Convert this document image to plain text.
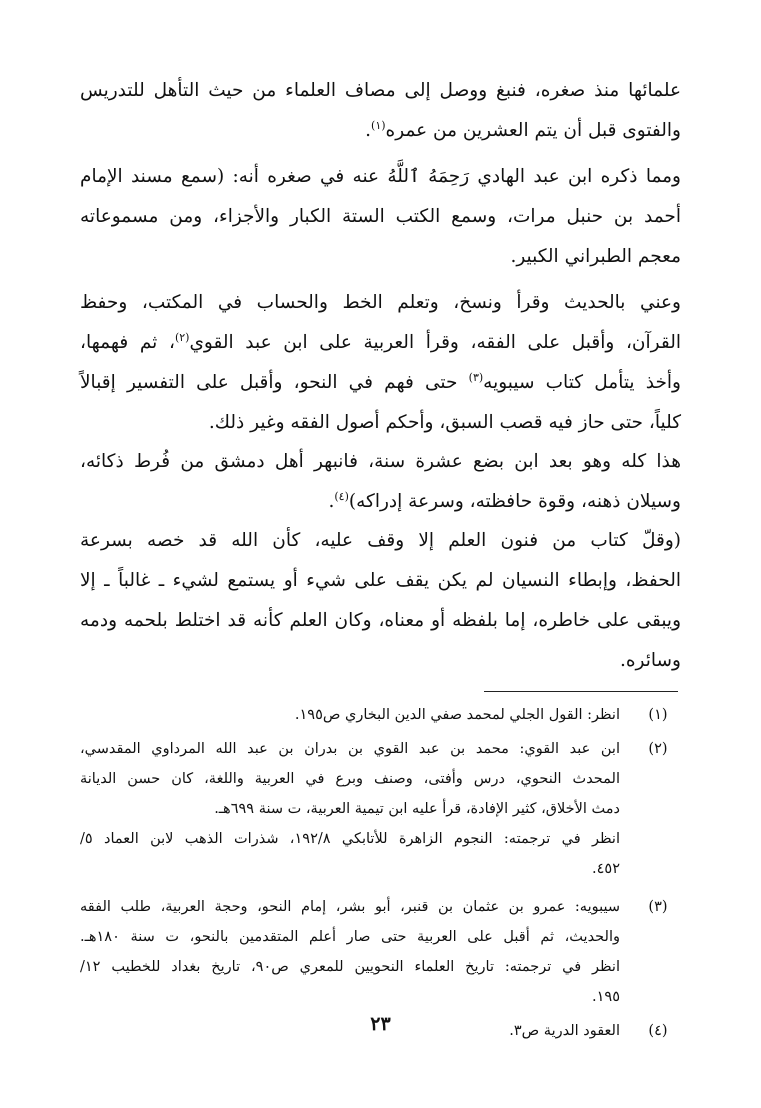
علمائها منذ صغره، فنبغ ووصل إلى مصاف العلماء من حيث التأهل للتدريس

والفتوى قبل أن يتم العشرين من عمره$^{(١)}$.

ومما ذكره ابن عبد الهادي رَحِمَهُ ٱللَّهُ عنه في صغره أنه: (سمع مسند الإمام

أحمد بن حنبل مرات، وسمع الكتب الستة الكبار والأجزاء، ومن مسموعاته

معجم الطبراني الكبير.

وعني بالحديث وقرأ ونسخ، وتعلم الخط والحساب في المكتب، وحفظ

القرآن، وأقبل على الفقه، وقرأ العربية على ابن عبد القوي$^{(٢)}$، ثم فهمها،

وأخذ يتأمل كتاب سيبويه$^{(٣)}$ حتى فهم في النحو، وأقبل على التفسير إقبالاً

كلياً، حتى حاز فيه قصب السبق، وأحكم أصول الفقه وغير ذلك.

هذا كله وهو بعد ابن بضع عشرة سنة، فانبهر أهل دمشق من فُرط ذكائه،

وسيلان ذهنه، وقوة حافظته، وسرعة إدراكه)$^{(٤)}$.

(وقلّ كتاب من فنون العلم إلا وقف عليه، كأن الله قد خصه بسرعة

الحفظ، وإبطاء النسيان لم يكن يقف على شيء أو يستمع لشيء ـ غالباً ـ إلا

ويبقى على خاطره، إما بلفظه أو معناه، وكان العلم كأنه قد اختلط بلحمه ودمه

وسائره.

(١)
انظر: القول الجلي لمحمد صفي الدين البخاري ص١٩٥.
(٢)
ابن عبد القوي: محمد بن عبد القوي بن بدران بن عبد الله المرداوي المقدسي،
المحدث النحوي، درس وأفتى، وصنف وبرع في العربية واللغة، كان حسن الديانة
دمث الأخلاق، كثير الإفادة، قرأ عليه ابن تيمية العربية، ت سنة ٦٩٩هـ.
انظر في ترجمته: النجوم الزاهرة للأتابكي ١٩٢/٨، شذرات الذهب لابن العماد ٥/
٤٥٢.
(٣)
سيبويه: عمرو بن عثمان بن قنبر، أبو بشر، إمام النحو، وحجة العربية، طلب الفقه
والحديث، ثم أقبل على العربية حتى صار أعلم المتقدمين بالنحو، ت سنة ١٨٠هـ.
انظر في ترجمته: تاريخ العلماء النحويين للمعري ص٩٠، تاريخ بغداد للخطيب ١٢/
١٩٥.
(٤)
العقود الدرية ص٣.
٢٣
